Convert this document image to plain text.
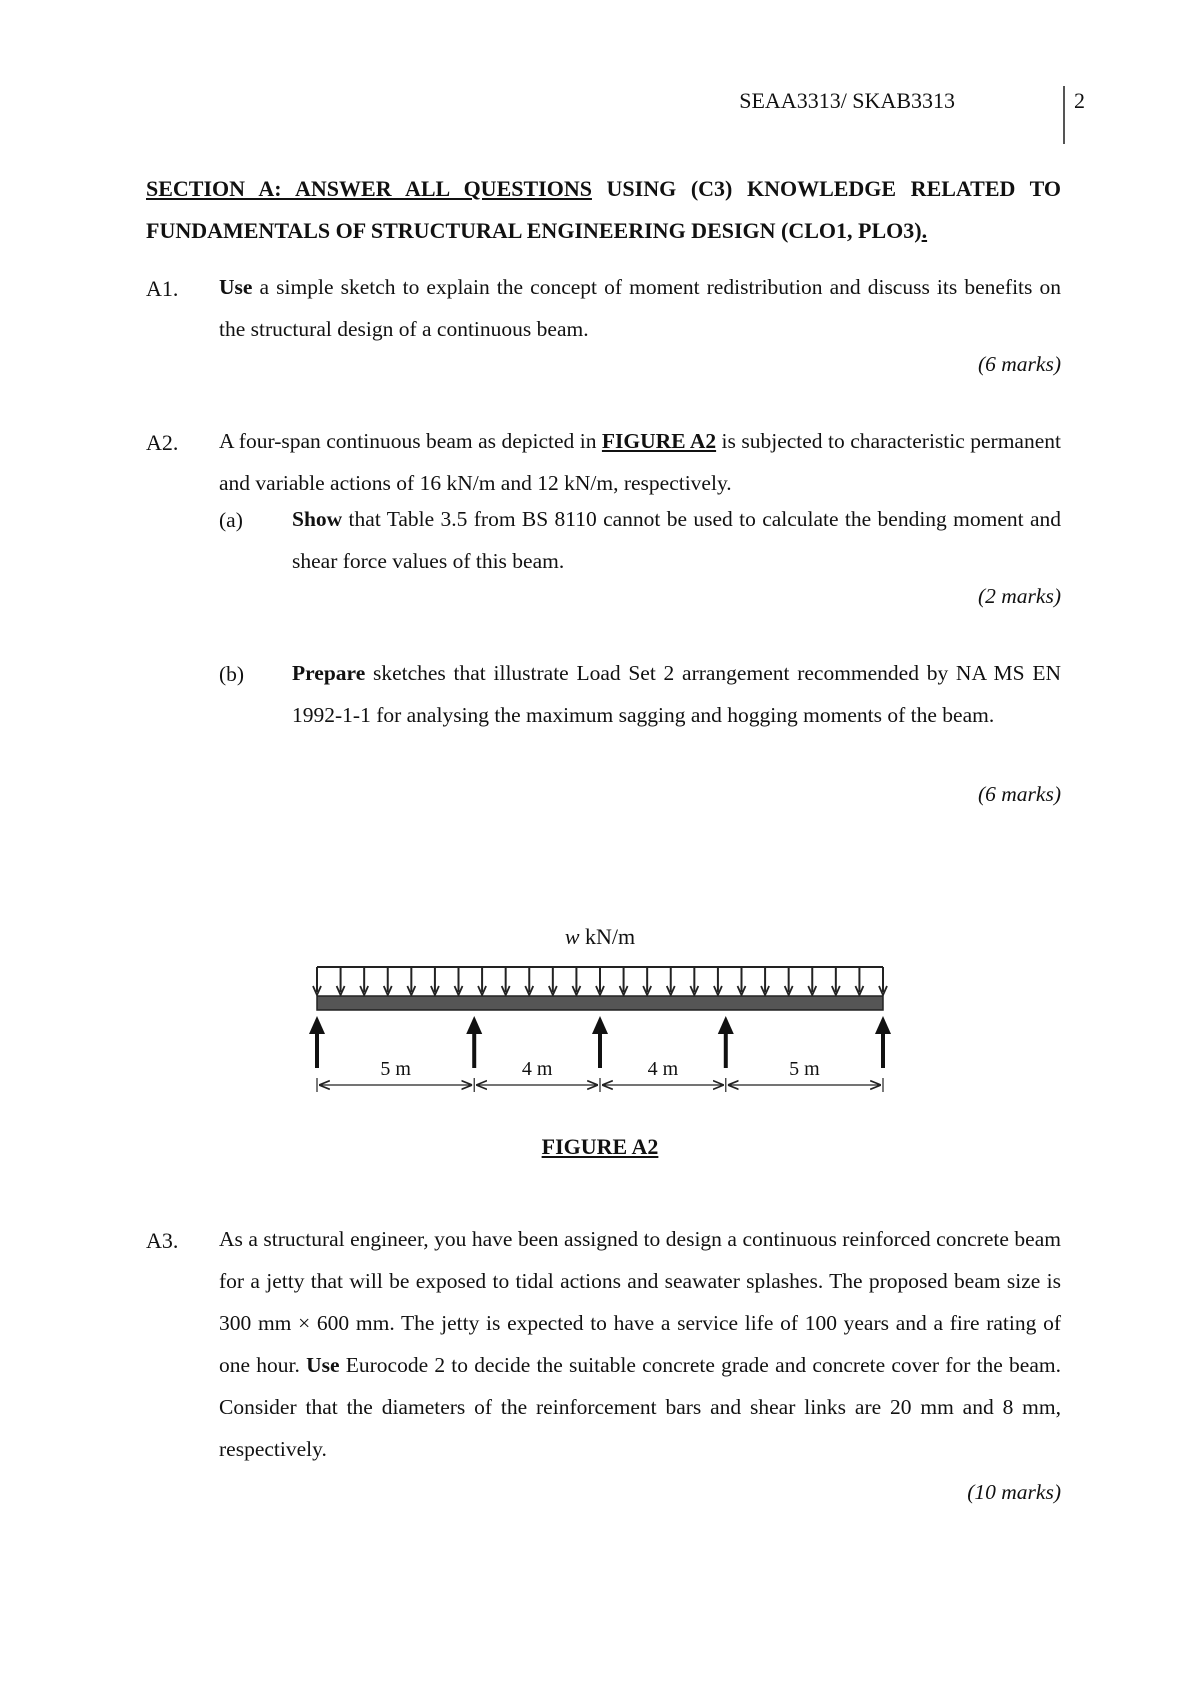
SEAA3313/ SKAB3313	2
SECTION A: ANSWER ALL QUESTIONS USING (C3) KNOWLEDGE RELATED TO FUNDAMENTALS OF STRUCTURAL ENGINEERING DESIGN (CLO1, PLO3).
A1. Use a simple sketch to explain the concept of moment redistribution and discuss its benefits on the structural design of a continuous beam.
(6 marks)
A2. A four-span continuous beam as depicted in FIGURE A2 is subjected to characteristic permanent and variable actions of 16 kN/m and 12 kN/m, respectively.
(a) Show that Table 3.5 from BS 8110 cannot be used to calculate the bending moment and shear force values of this beam.
(2 marks)
(b) Prepare sketches that illustrate Load Set 2 arrangement recommended by NA MS EN 1992-1-1 for analysing the maximum sagging and hogging moments of the beam.
(6 marks)
w kN/m
5 m	4 m	4 m	5 m
FIGURE A2
A3. As a structural engineer, you have been assigned to design a continuous reinforced concrete beam for a jetty that will be exposed to tidal actions and seawater splashes. The proposed beam size is 300 mm × 600 mm. The jetty is expected to have a service life of 100 years and a fire rating of one hour. Use Eurocode 2 to decide the suitable concrete grade and concrete cover for the beam. Consider that the diameters of the reinforcement bars and shear links are 20 mm and 8 mm, respectively.
(10 marks)
